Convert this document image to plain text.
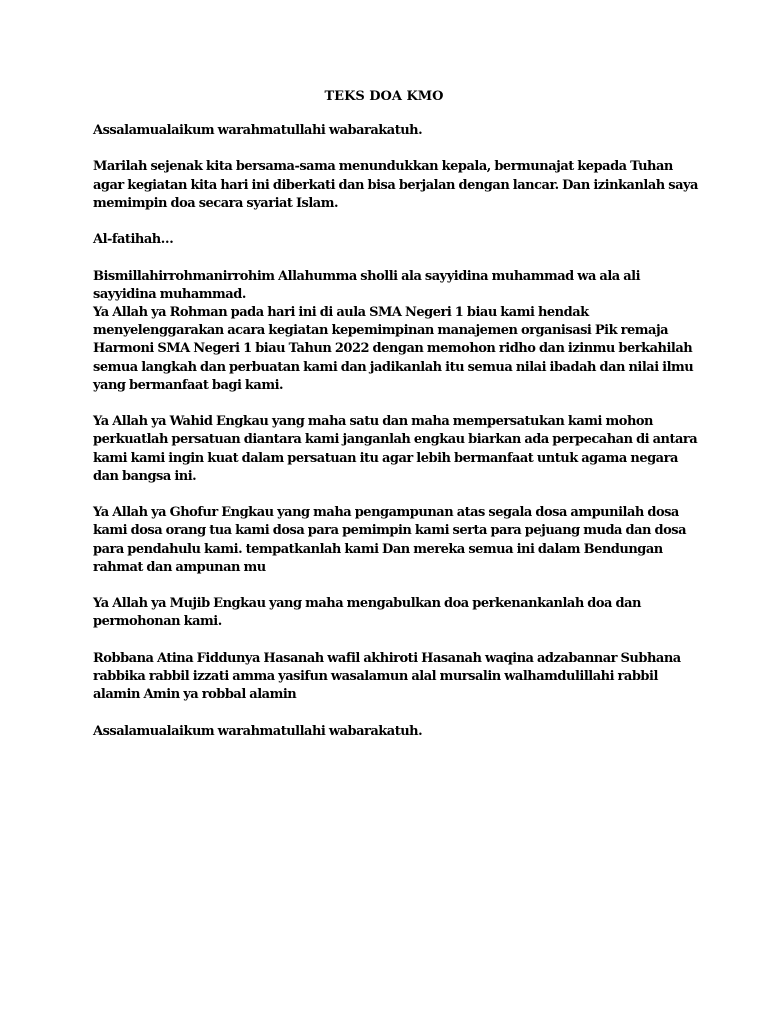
TEKS DOA KMO

Assalamualaikum warahmatullahi wabarakatuh.

Marilah sejenak kita bersama-sama menundukkan kepala, bermunajat kepada Tuhan
agar kegiatan kita hari ini diberkati dan bisa berjalan dengan lancar. Dan izinkanlah saya
memimpin doa secara syariat Islam.

Al-fatihah…

Bismillahirrohmanirrohim Allahumma sholli ala sayyidina muhammad wa ala ali
sayyidina muhammad.
Ya Allah ya Rohman pada hari ini di aula SMA Negeri 1 biau kami hendak
menyelenggarakan acara kegiatan kepemimpinan manajemen organisasi Pik remaja
Harmoni SMA Negeri 1 biau Tahun 2022 dengan memohon ridho dan izinmu berkahilah
semua langkah dan perbuatan kami dan jadikanlah itu semua nilai ibadah dan nilai ilmu
yang bermanfaat bagi kami.

Ya Allah ya Wahid Engkau yang maha satu dan maha mempersatukan kami mohon
perkuatlah persatuan diantara kami janganlah engkau biarkan ada perpecahan di antara
kami kami ingin kuat dalam persatuan itu agar lebih bermanfaat untuk agama negara
dan bangsa ini.

Ya Allah ya Ghofur Engkau yang maha pengampunan atas segala dosa ampunilah dosa
kami dosa orang tua kami dosa para pemimpin kami serta para pejuang muda dan dosa
para pendahulu kami. tempatkanlah kami Dan mereka semua ini dalam Bendungan
rahmat dan ampunan mu

Ya Allah ya Mujib Engkau yang maha mengabulkan doa perkenankanlah doa dan
permohonan kami.

Robbana Atina Fiddunya Hasanah wafil akhiroti Hasanah waqina adzabannar Subhana
rabbika rabbil izzati amma yasifun wasalamun alal mursalin walhamdulillahi rabbil
alamin Amin ya robbal alamin

Assalamualaikum warahmatullahi wabarakatuh.
